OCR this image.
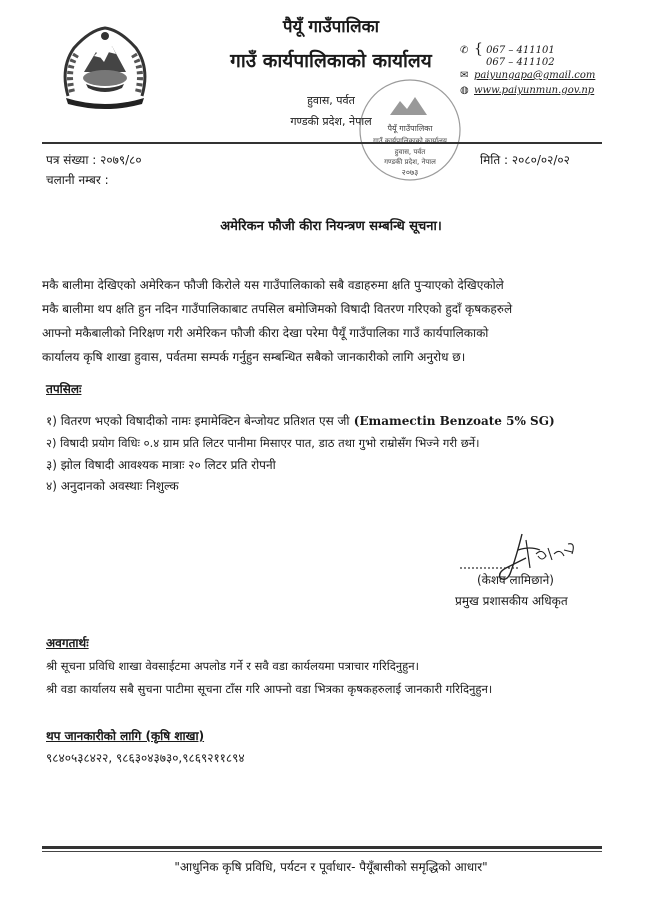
पैयूँ गाउँपालिका
गाउँ कार्यपालिकाको कार्यालय
हुवास, पर्वत
गण्डकी प्रदेश, नेपाल
✆ { 067 – 411101
067 – 411102
✉ paiyungapa@gmail.com
◍ www.paiyunmun.gov.np
पैयूँ गाउँपालिका
गाउँ कार्यपालिकाको कार्यालय
हुवास, पर्वत
गण्डकी प्रदेश, नेपाल
२०७३
पत्र संख्या : २०७९/८०	मिति : २०८०/०२/०२
चलानी नम्बर :
अमेरिकन फौजी कीरा नियन्त्रण सम्बन्धि सूचना।
मकै बालीमा देखिएको अमेरिकन फौजी किरोले यस गाउँपालिकाको सबै वडाहरुमा क्षति पुऱ्याएको देखिएकोले
मकै बालीमा थप क्षति हुन नदिन गाउँपालिकाबाट तपसिल बमोजिमको विषादी वितरण गरिएको हुदाँ कृषकहरुले
आफ्नो मकैबालीको निरिक्षण गरी अमेरिकन फौजी कीरा देखा परेमा पैयूँ गाउँपालिका गाउँ कार्यपालिकाको
कार्यालय कृषि शाखा हुवास, पर्वतमा सम्पर्क गर्नुहुन सम्बन्धित सबैको जानकारीको लागि अनुरोध छ।
तपसिलः
१) वितरण भएको विषादीको नामः इमामेक्टिन बेन्जोयट प्रतिशत एस जी (Emamectin Benzoate 5% SG)
२) विषादी प्रयोग विधिः ०.४ ग्राम प्रति लिटर पानीमा मिसाएर पात, डाठ तथा गुभो राम्रोसँग भिज्ने गरी छर्ने।
३) झोल विषादी आवश्यक मात्राः २० लिटर प्रति रोपनी
४) अनुदानको अवस्थाः निशुल्क
(केशव लामिछाने)
प्रमुख प्रशासकीय अधिकृत
अवगतार्थः
श्री सूचना प्रविधि शाखा वेवसाईटमा अपलोड गर्ने र सवै वडा कार्यलयमा पत्राचार गरिदिनुहुन।
श्री वडा कार्यालय सबै सुचना पाटीमा सूचना टाँस गरि आफ्नो वडा भित्रका कृषकहरुलाई जानकारी गरिदिनुहुन।
थप जानकारीको लागि (कृषि शाखा)
९८४०५३८४२२, ९८६३०४३७३०,९८६९२११८९४
"आधुनिक कृषि प्रविधि, पर्यटन र पूर्वाधार- पैयूँबासीको समृद्धिको आधार"
